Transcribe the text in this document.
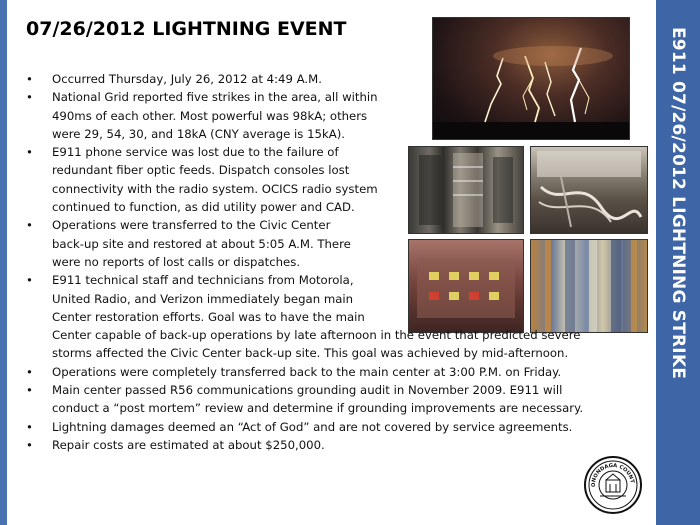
07/26/2012 LIGHTNING EVENT
• Occurred Thursday, July 26, 2012 at 4:49 A.M.
• National Grid reported five strikes in the area, all within
490ms of each other. Most powerful was 98kA; others
were 29, 54, 30, and 18kA (CNY average is 15kA).
• E911 phone service was lost due to the failure of
redundant fiber optic feeds. Dispatch consoles lost
connectivity with the radio system. OCICS radio system
continued to function, as did utility power and CAD.
• Operations were transferred to the Civic Center
back-up site and restored at about 5:05 A.M. There
were no reports of lost calls or dispatches.
• E911 technical staff and technicians from Motorola,
United Radio, and Verizon immediately began main
Center restoration efforts. Goal was to have the main
Center capable of back-up operations by late afternoon in the event that predicted severe
storms affected the Civic Center back-up site. This goal was achieved by mid-afternoon.
• Operations were completely transferred back to the main center at 3:00 P.M. on Friday.
• Main center passed R56 communications grounding audit in November 2009. E911 will
conduct a “post mortem” review and determine if grounding improvements are necessary.
• Lightning damages deemed an “Act of God” and are not covered by service agreements.
• Repair costs are estimated at about $250,000.
ONONDAGA COUNT
E911 07/26/2012 LIGHTNING STRIKE
